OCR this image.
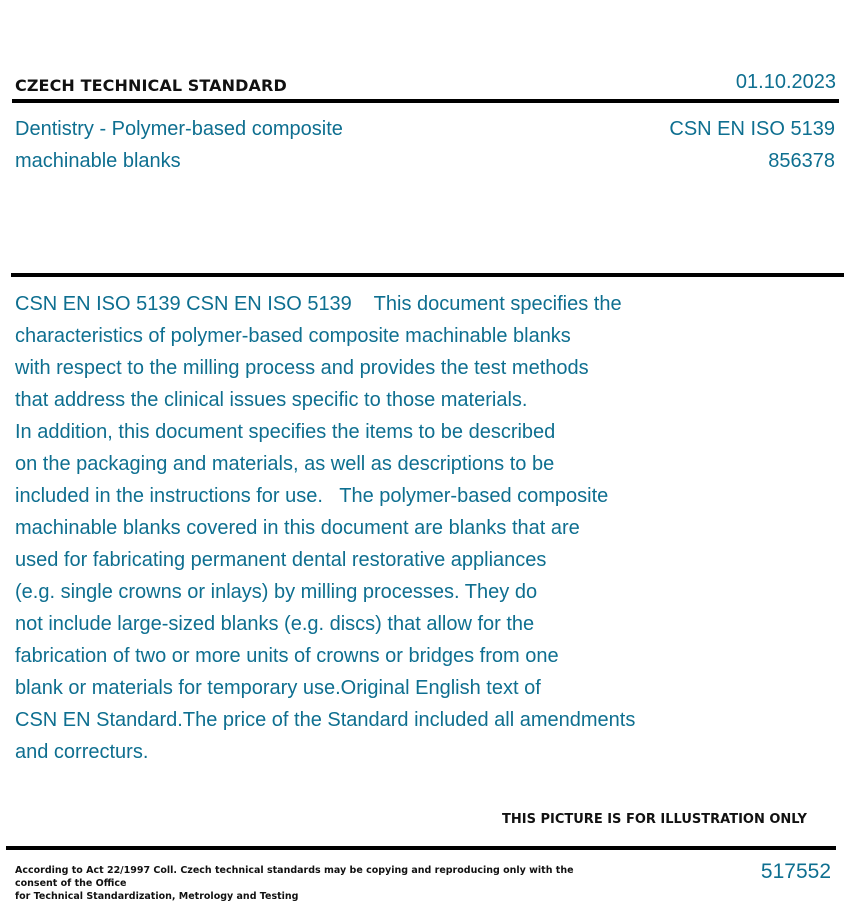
CZECH TECHNICAL STANDARD	01.10.2023
Dentistry - Polymer-based composite
machinable blanks
CSN EN ISO 5139
856378
CSN EN ISO 5139 CSN EN ISO 5139    This document specifies the
characteristics of polymer-based composite machinable blanks
with respect to the milling process and provides the test methods
that address the clinical issues specific to those materials.
In addition, this document specifies the items to be described
on the packaging and materials, as well as descriptions to be
included in the instructions for use.   The polymer-based composite
machinable blanks covered in this document are blanks that are
used for fabricating permanent dental restorative appliances
(e.g. single crowns or inlays) by milling processes. They do
not include large-sized blanks (e.g. discs) that allow for the
fabrication of two or more units of crowns or bridges from one
blank or materials for temporary use.Original English text of
CSN EN Standard.The price of the Standard included all amendments
and correcturs.
THIS PICTURE IS FOR ILLUSTRATION ONLY
According to Act 22/1997 Coll. Czech technical standards may be copying and reproducing only with the consent of the Office
for Technical Standardization, Metrology and Testing
517552
